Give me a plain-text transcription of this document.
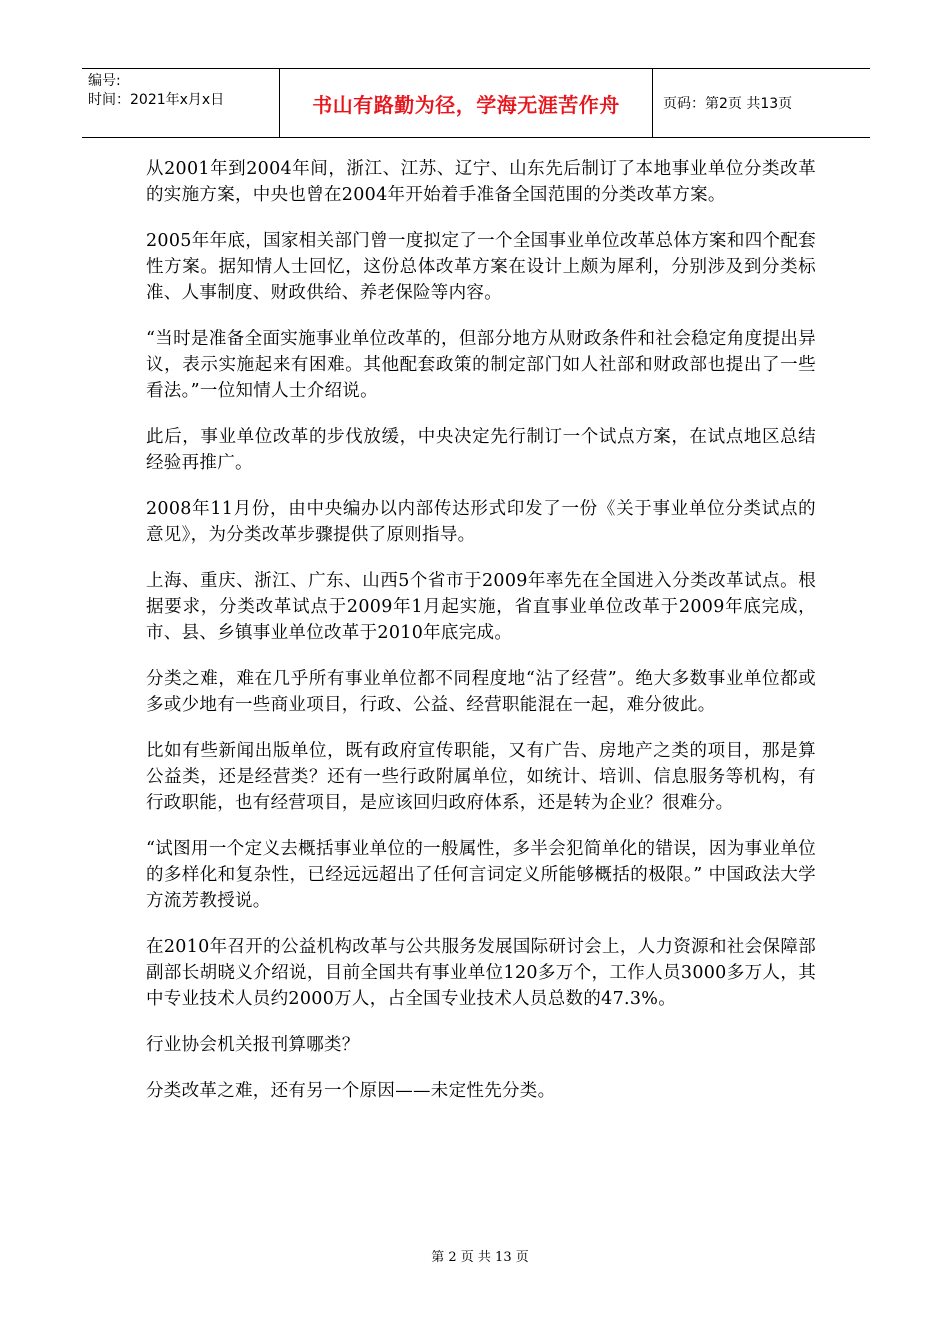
编号:
时间：2021年x月x日	书山有路勤为径，学海无涯苦作舟	页码：第2页 共13页

从2001年到2004年间，浙江、江苏、辽宁、山东先后制订了本地事业单位分类改革的实施方案，中央也曾在2004年开始着手准备全国范围的分类改革方案。

2005年年底，国家相关部门曾一度拟定了一个全国事业单位改革总体方案和四个配套性方案。据知情人士回忆，这份总体改革方案在设计上颇为犀利，分别涉及到分类标准、人事制度、财政供给、养老保险等内容。

“当时是准备全面实施事业单位改革的，但部分地方从财政条件和社会稳定角度提出异议，表示实施起来有困难。其他配套政策的制定部门如人社部和财政部也提出了一些看法。”一位知情人士介绍说。

此后，事业单位改革的步伐放缓，中央决定先行制订一个试点方案，在试点地区总结经验再推广。

2008年11月份，由中央编办以内部传达形式印发了一份《关于事业单位分类试点的意见》，为分类改革步骤提供了原则指导。

上海、重庆、浙江、广东、山西5个省市于2009年率先在全国进入分类改革试点。根据要求，分类改革试点于2009年1月起实施，省直事业单位改革于2009年底完成，市、县、乡镇事业单位改革于2010年底完成。

分类之难，难在几乎所有事业单位都不同程度地“沾了经营”。绝大多数事业单位都或多或少地有一些商业项目，行政、公益、经营职能混在一起，难分彼此。

比如有些新闻出版单位，既有政府宣传职能，又有广告、房地产之类的项目，那是算公益类，还是经营类？还有一些行政附属单位，如统计、培训、信息服务等机构，有行政职能，也有经营项目，是应该回归政府体系，还是转为企业？很难分。

“试图用一个定义去概括事业单位的一般属性，多半会犯简单化的错误，因为事业单位的多样化和复杂性，已经远远超出了任何言词定义所能够概括的极限。” 中国政法大学方流芳教授说。

在2010年召开的公益机构改革与公共服务发展国际研讨会上，人力资源和社会保障部副部长胡晓义介绍说，目前全国共有事业单位120多万个，工作人员3000多万人，其中专业技术人员约2000万人，占全国专业技术人员总数的47.3%。

行业协会机关报刊算哪类？

分类改革之难，还有另一个原因——未定性先分类。

第 2 页 共 13 页
